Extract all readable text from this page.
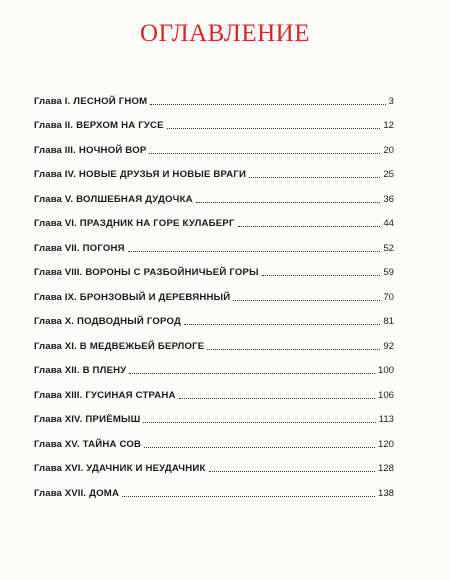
ОГЛАВЛЕНИЕ
Глава I. ЛЕСНОЙ ГНОМ	3
Глава II. ВЕРХОМ НА ГУСЕ	12
Глава III. НОЧНОЙ ВОР	20
Глава IV. НОВЫЕ ДРУЗЬЯ И НОВЫЕ ВРАГИ	25
Глава V. ВОЛШЕБНАЯ ДУДОЧКА	36
Глава VI. ПРАЗДНИК НА ГОРЕ КУЛАБЕРГ	44
Глава VII. ПОГОНЯ	52
Глава VIII. ВОРОНЫ С РАЗБОЙНИЧЬЕЙ ГОРЫ	59
Глава IX. БРОНЗОВЫЙ И ДЕРЕВЯННЫЙ	70
Глава X. ПОДВОДНЫЙ ГОРОД	81
Глава XI. В МЕДВЕЖЬЕЙ БЕРЛОГЕ	92
Глава XII. В ПЛЕНУ	100
Глава XIII. ГУСИНАЯ СТРАНА	106
Глава XIV. ПРИЁМЫШ	113
Глава XV. ТАЙНА СОВ	120
Глава XVI. УДАЧНИК И НЕУДАЧНИК	128
Глава XVII. ДОМА	138
